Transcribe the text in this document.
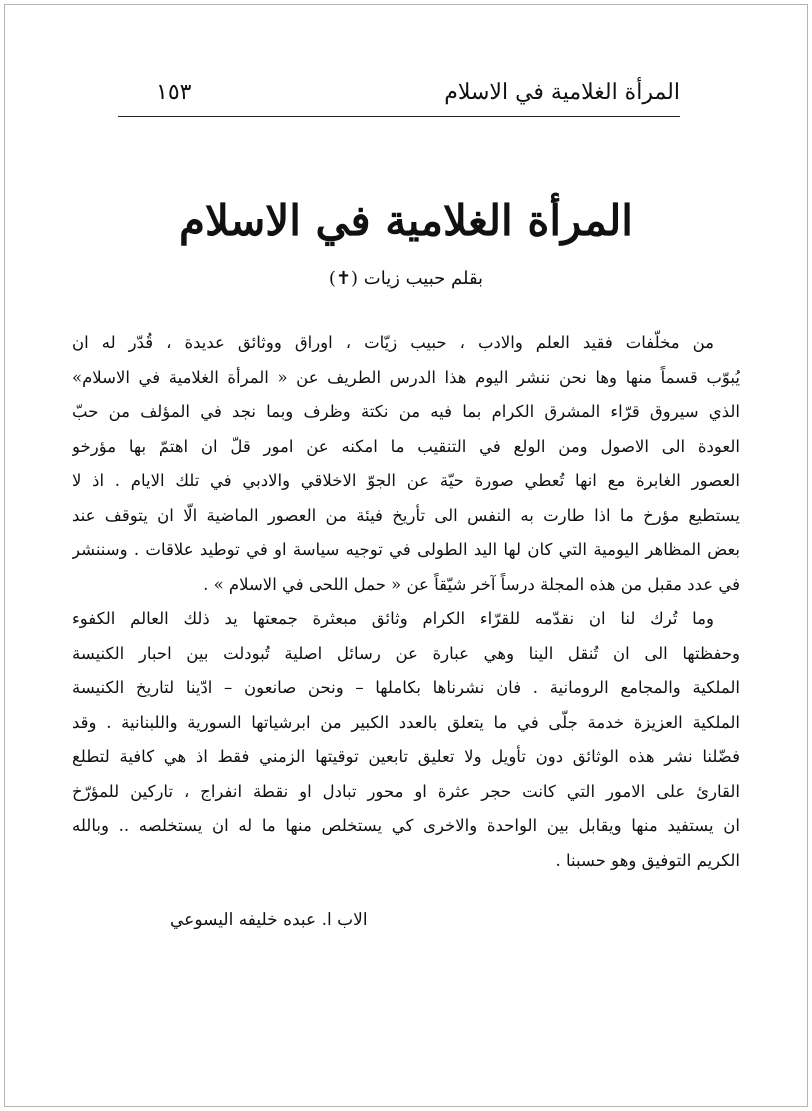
المرأة الغلامية في الاسلام
١٥٣
المرأة الغلامية في الاسلام
بقلم حبيب زيات (✝)
من مخلّفات فقيد العلم والادب ، حبيب زيّات ، اوراق ووثائق عديدة ، قُدّر له ان
يُبوّب قسماً منها وها نحن ننشر اليوم هذا الدرس الطريف عن « المرأة الغلامية في الاسلام»
الذي سيروق قرّاء المشرق الكرام بما فيه من نكتة وظرف وبما نجد في المؤلف من حبّ
العودة الى الاصول ومن الولع في التنقيب ما امكنه عن امور قلّ ان اهتمّ بها مؤرخو
العصور الغابرة مع انها تُعطي صورة حيّة عن الجوّ الاخلاقي والادبي في تلك الايام . اذ لا
يستطيع مؤرخ ما اذا طارت به النفس الى تأريخ فيئة من العصور الماضية الّا ان يتوقف عند
بعض المظاهر اليومية التي كان لها اليد الطولى في توجيه سياسة او في توطيد علاقات . وسننشر
في عدد مقبل من هذه المجلة درساً آخر شيّقاً عن « حمل اللحى في الاسلام » .
وما تُرك لنا ان نقدّمه للقرّاء الكرام وثائق مبعثرة جمعتها يد ذلك العالم الكفوء
وحفظتها الى ان تُنقل الينا وهي عبارة عن رسائل اصلية تُبودلت بين احبار الكنيسة
الملكية والمجامع الرومانية . فان نشرناها بكاملها – ونحن صانعون – ادّينا لتاريخ الكنيسة
الملكية العزيزة خدمة جلّى في ما يتعلق بالعدد الكبير من ابرشياتها السورية واللبنانية . وقد
فضّلنا نشر هذه الوثائق دون تأويل ولا تعليق تابعين توقيتها الزمني فقط اذ هي كافية لتطلع
القارئ على الامور التي كانت حجر عثرة او محور تبادل او نقطة انفراج ، تاركين للمؤرّخ
ان يستفيد منها ويقابل بين الواحدة والاخرى كي يستخلص منها ما له ان يستخلصه .. وبالله
الكريم التوفيق وهو حسبنا .
الاب ا. عبده خليفه اليسوعي
